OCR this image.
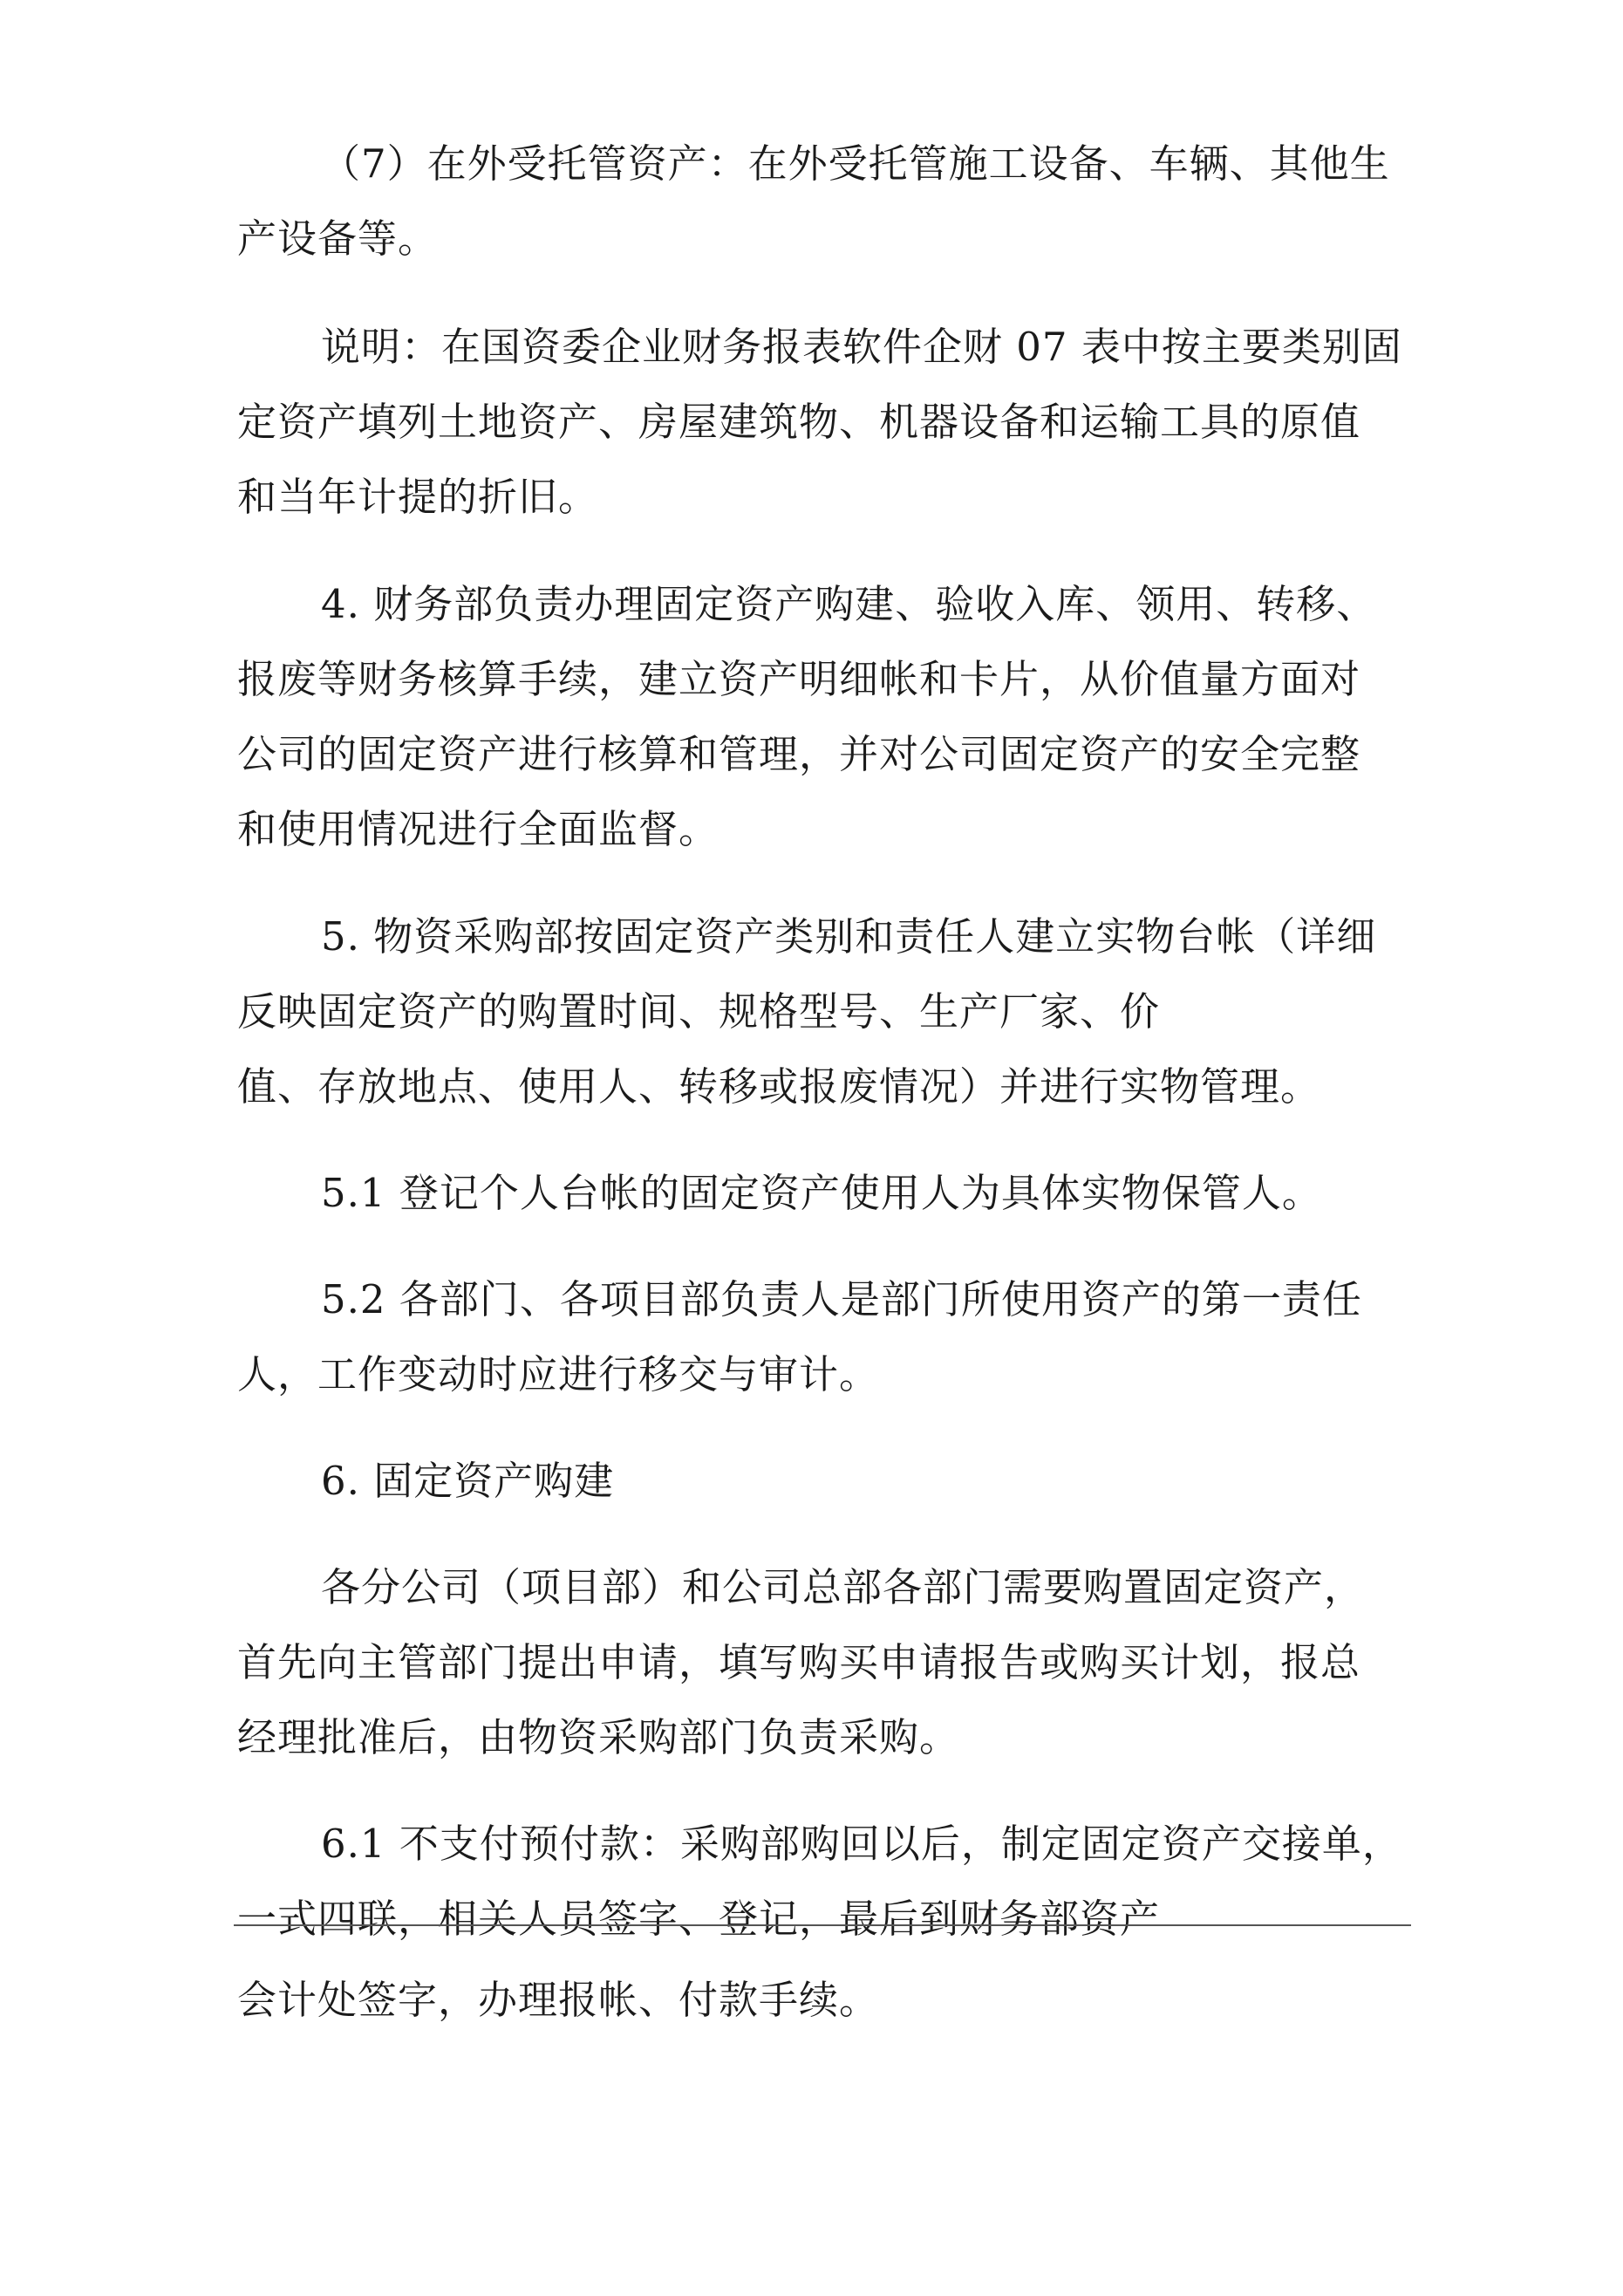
（7）在外受托管资产：在外受托管施工设备、车辆、其他生
产设备等。
说明：在国资委企业财务报表软件企财 07 表中按主要类别固
定资产填列土地资产、房屋建筑物、机器设备和运输工具的原值
和当年计提的折旧。
4. 财务部负责办理固定资产购建、验收入库、领用、转移、
报废等财务核算手续，建立资产明细帐和卡片，从价值量方面对
公司的固定资产进行核算和管理，并对公司固定资产的安全完整
和使用情况进行全面监督。
5. 物资采购部按固定资产类别和责任人建立实物台帐（详细
反映固定资产的购置时间、规格型号、生产厂家、价
值、存放地点、使用人、转移或报废情况）并进行实物管理。
5.1 登记个人台帐的固定资产使用人为具体实物保管人。
5.2 各部门、各项目部负责人是部门所使用资产的第一责任
人，工作变动时应进行移交与审计。
6. 固定资产购建
各分公司（项目部）和公司总部各部门需要购置固定资产，
首先向主管部门提出申请，填写购买申请报告或购买计划，报总
经理批准后，由物资采购部门负责采购。
6.1 不支付预付款：采购部购回以后，制定固定资产交接单，
一式四联，相关人员签字、登记，最后到财务部资产
会计处签字，办理报帐、付款手续。
